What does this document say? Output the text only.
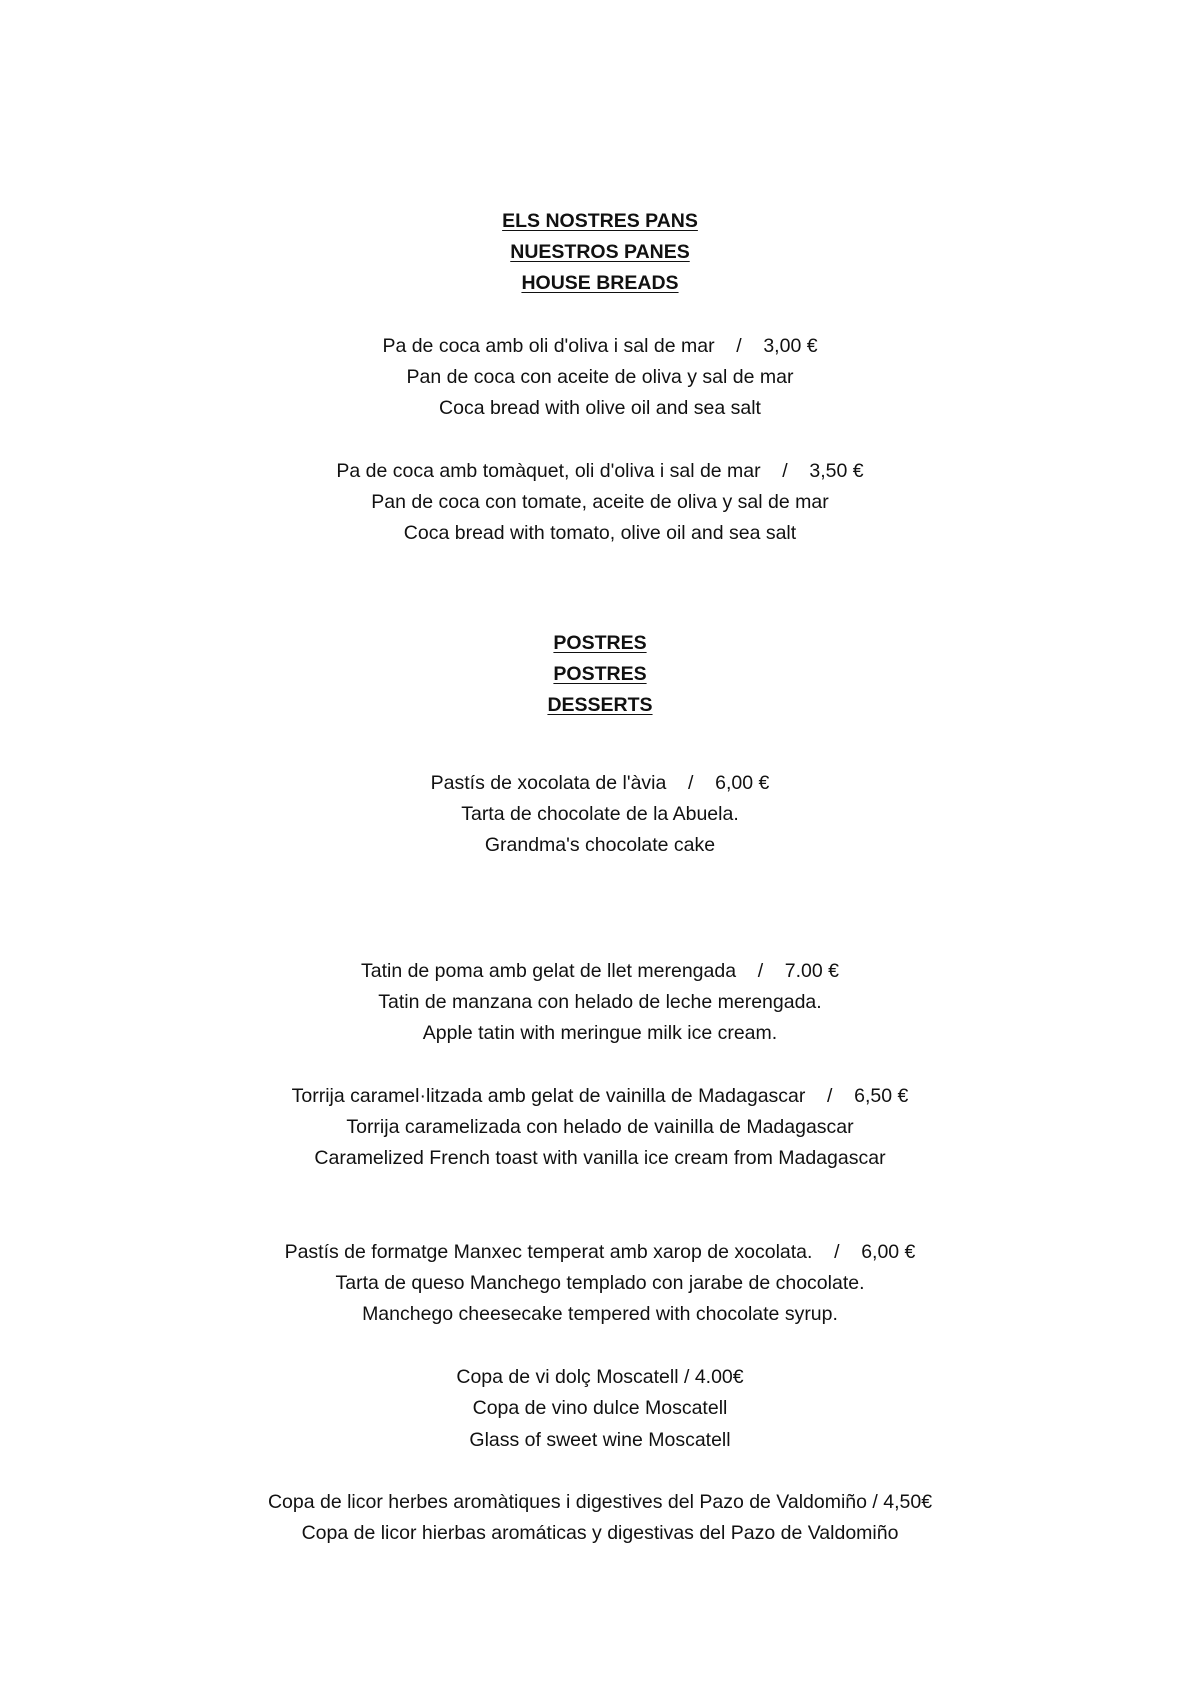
ELS NOSTRES PANS
NUESTROS PANES
HOUSE BREADS
Pa de coca amb oli d'oliva i sal de mar    /    3,00 €
Pan de coca con aceite de oliva y sal de mar
Coca bread with olive oil and sea salt
Pa de coca amb tomàquet, oli d'oliva i sal de mar    /    3,50 €
Pan de coca con tomate, aceite de oliva y sal de mar
Coca bread with tomato, olive oil and sea salt
POSTRES
POSTRES
DESSERTS
Pastís de xocolata de l'àvia    /    6,00 €
Tarta de chocolate de la Abuela.
Grandma's chocolate cake
Tatin de poma amb gelat de llet merengada    /    7.00 €
Tatin de manzana con helado de leche merengada.
Apple tatin with meringue milk ice cream.
Torrija caramel·litzada amb gelat de vainilla de Madagascar    /    6,50 €
Torrija caramelizada con helado de vainilla de Madagascar
Caramelized French toast with vanilla ice cream from Madagascar
Pastís de formatge Manxec temperat amb xarop de xocolata.    /    6,00 €
Tarta de queso Manchego templado con jarabe de chocolate.
Manchego cheesecake tempered with chocolate syrup.
Copa de vi dolç Moscatell / 4.00€
Copa de vino dulce Moscatell
Glass of sweet wine Moscatell
Copa de licor herbes aromàtiques i digestives del Pazo de Valdomiño / 4,50€
Copa de licor hierbas aromáticas y digestivas del Pazo de Valdomiño
